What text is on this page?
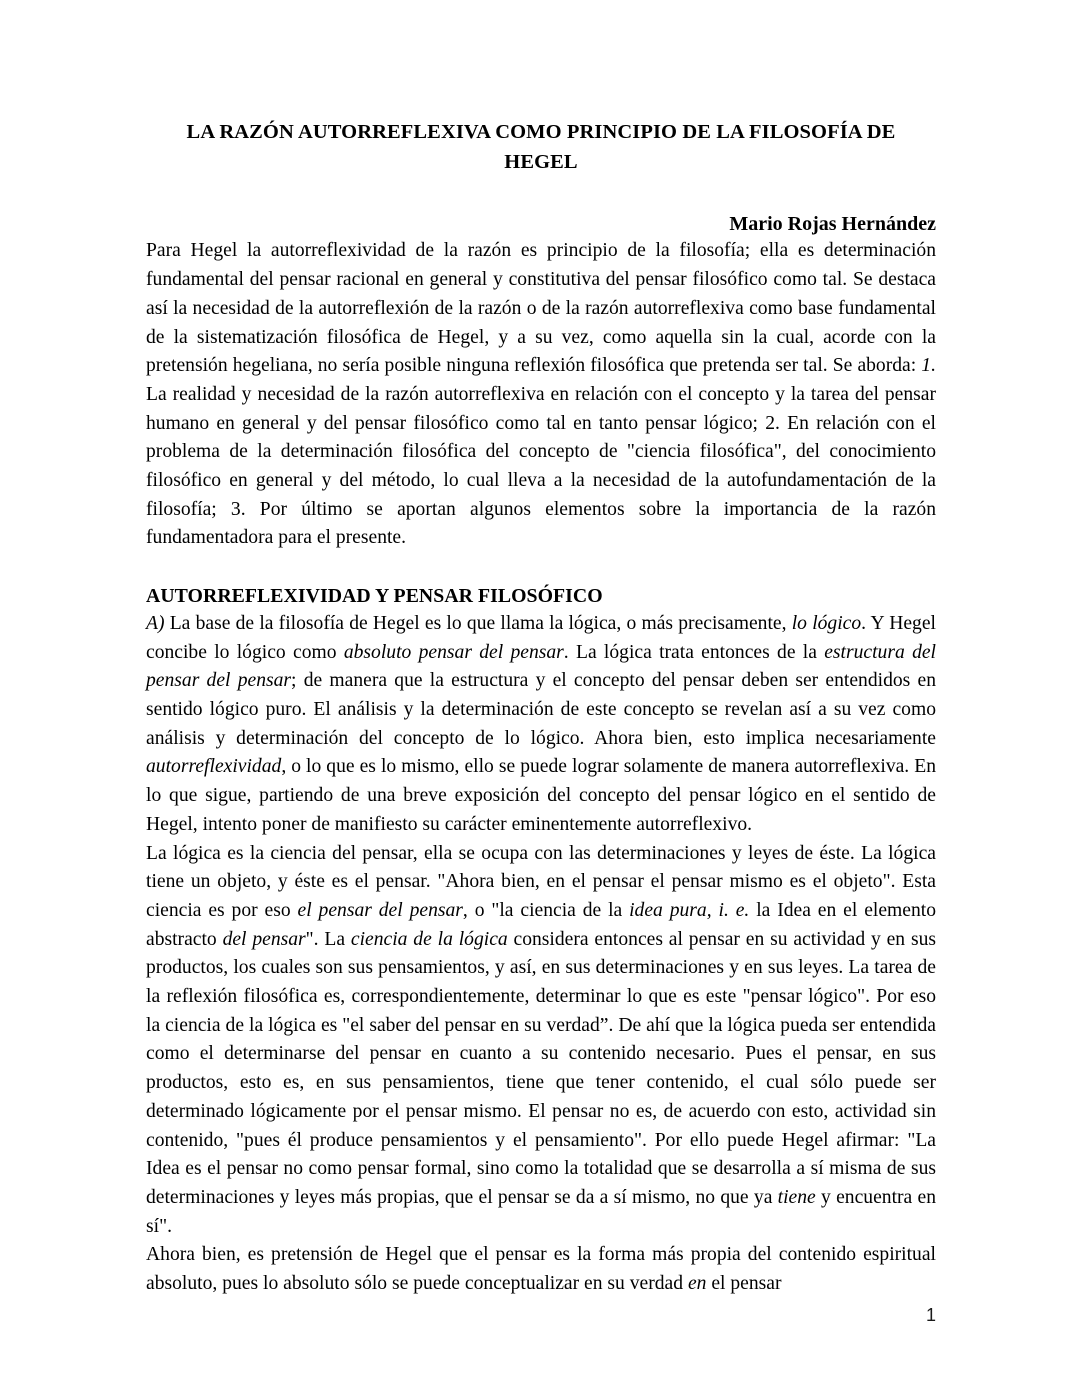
LA RAZÓN AUTORREFLEXIVA COMO PRINCIPIO DE LA FILOSOFÍA DE HEGEL
Mario Rojas Hernández

Para Hegel la autorreflexividad de la razón es principio de la filosofía; ella es determinación fundamental del pensar racional en general y constitutiva del pensar filosófico como tal. Se destaca así la necesidad de la autorreflexión de la razón o de la razón autorreflexiva como base fundamental de la sistematización filosófica de Hegel, y a su vez, como aquella sin la cual, acorde con la pretensión hegeliana, no sería posible ninguna reflexión filosófica que pretenda ser tal. Se aborda: 1. La realidad y necesidad de la razón autorreflexiva en relación con el concepto y la tarea del pensar humano en general y del pensar filosófico como tal en tanto pensar lógico; 2. En relación con el problema de la determinación filosófica del concepto de "ciencia filosófica", del conocimiento filosófico en general y del método, lo cual lleva a la necesidad de la autofundamentación de la filosofía; 3. Por último se aportan algunos elementos sobre la importancia de la razón fundamentadora para el presente.

AUTORREFLEXIVIDAD Y PENSAR FILOSÓFICO

A) La base de la filosofía de Hegel es lo que llama la lógica, o más precisamente, lo lógico. Y Hegel concibe lo lógico como absoluto pensar del pensar. La lógica trata entonces de la estructura del pensar del pensar; de manera que la estructura y el concepto del pensar deben ser entendidos en sentido lógico puro. El análisis y la determinación de este concepto se revelan así a su vez como análisis y determinación del concepto de lo lógico. Ahora bien, esto implica necesariamente autorreflexividad, o lo que es lo mismo, ello se puede lograr solamente de manera autorreflexiva. En lo que sigue, partiendo de una breve exposición del concepto del pensar lógico en el sentido de Hegel, intento poner de manifiesto su carácter eminentemente autorreflexivo.

La lógica es la ciencia del pensar, ella se ocupa con las determinaciones y leyes de éste. La lógica tiene un objeto, y éste es el pensar. "Ahora bien, en el pensar el pensar mismo es el objeto". Esta ciencia es por eso el pensar del pensar, o "la ciencia de la idea pura, i. e. la Idea en el elemento abstracto del pensar". La ciencia de la lógica considera entonces al pensar en su actividad y en sus productos, los cuales son sus pensamientos, y así, en sus determinaciones y en sus leyes. La tarea de la reflexión filosófica es, correspondientemente, determinar lo que es este "pensar lógico". Por eso la ciencia de la lógica es "el saber del pensar en su verdad”. De ahí que la lógica pueda ser entendida como el determinarse del pensar en cuanto a su contenido necesario. Pues el pensar, en sus productos, esto es, en sus pensamientos, tiene que tener contenido, el cual sólo puede ser determinado lógicamente por el pensar mismo. El pensar no es, de acuerdo con esto, actividad sin contenido, "pues él produce pensamientos y el pensamiento". Por ello puede Hegel afirmar: "La Idea es el pensar no como pensar formal, sino como la totalidad que se desarrolla a sí misma de sus determinaciones y leyes más propias, que el pensar se da a sí mismo, no que ya tiene y encuentra en sí".

Ahora bien, es pretensión de Hegel que el pensar es la forma más propia del contenido espiritual absoluto, pues lo absoluto sólo se puede conceptualizar en su verdad en el pensar

1
